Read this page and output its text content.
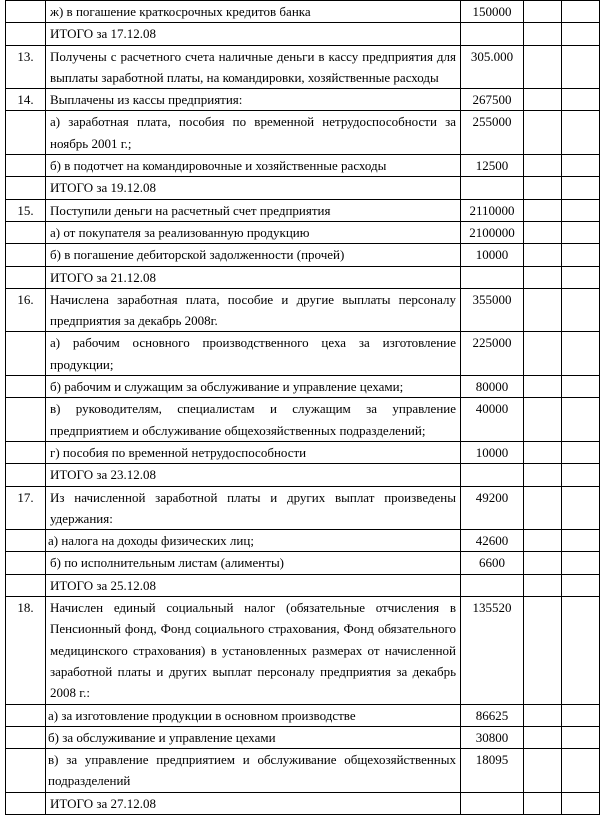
	ж) в погашение краткосрочных кредитов банка	150000		
	ИТОГО за 17.12.08			
13.	Получены с расчетного счета наличные деньги в кассу предприятия для выплаты заработной платы, на командировки, хозяйственные расходы	305.000		
14.	Выплачены из кассы предприятия:	267500		
	а) заработная плата, пособия по временной нетрудоспособности за ноябрь 2001 г.;	255000		
	б) в подотчет на командировочные и хозяйственные расходы	12500		
	ИТОГО за 19.12.08			
15.	Поступили деньги на расчетный счет предприятия	2110000		
	а) от покупателя за реализованную продукцию	2100000		
	б) в погашение дебиторской задолженности (прочей)	10000		
	ИТОГО за 21.12.08			
16.	Начислена заработная плата, пособие и другие выплаты персоналу предприятия за декабрь 2008г.	355000		
	а) рабочим основного производственного цеха за изготовление продукции;	225000		
	б) рабочим и служащим за обслуживание и управление цехами;	80000		
	в) руководителям, специалистам и служащим за управление предприятием и обслуживание общехозяйственных подразделений;	40000		
	г) пособия по временной нетрудоспособности	10000		
	ИТОГО за 23.12.08			
17.	Из начисленной заработной платы и других выплат произведены удержания:	49200		
	а) налога на доходы физических лиц;	42600		
	б) по исполнительным листам (алименты)	6600		
	ИТОГО за 25.12.08			
18.	Начислен единый социальный налог (обязательные отчисления в Пенсионный фонд, Фонд социального страхования, Фонд обязательного медицинского страхования) в установленных размерах от начисленной заработной платы и других выплат персоналу предприятия за декабрь 2008 г.:	135520		
	а) за изготовление продукции в основном производстве	86625		
	б) за обслуживание и управление цехами	30800		
	в) за управление предприятием и обслуживание общехозяйственных подразделений	18095		
	ИТОГО за 27.12.08			
